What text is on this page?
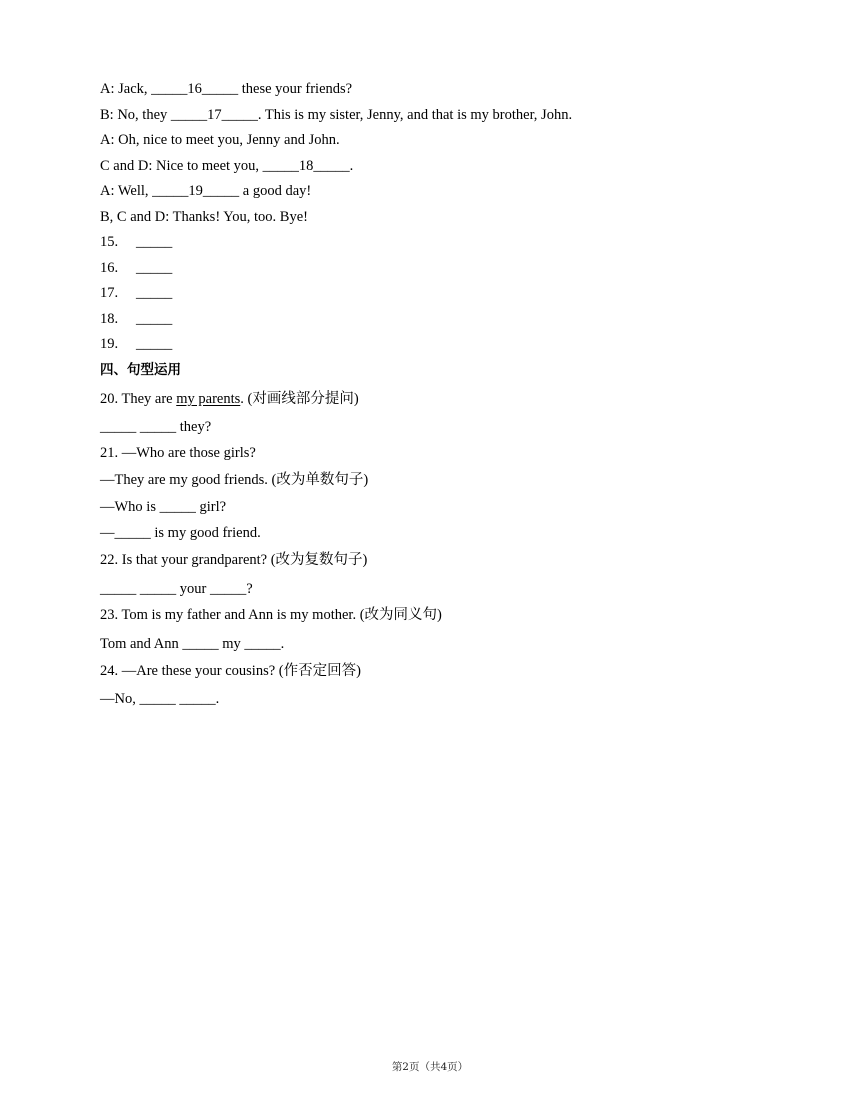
A: Jack, _____16_____ these your friends?
B: No, they _____17_____. This is my sister, Jenny, and that is my brother, John.
A: Oh, nice to meet you, Jenny and John.
C and D: Nice to meet you, _____18_____.
A: Well, _____19_____ a good day!
B, C and D: Thanks! You, too. Bye!
15. _____
16. _____
17. _____
18. _____
19. _____
四、句型运用
20. They are my parents. (对画线部分提问)
_____ _____ they?
21. —Who are those girls?
—They are my good friends. (改为单数句子)
—Who is _____ girl?
—_____ is my good friend.
22. Is that your grandparent? (改为复数句子)
_____ _____ your _____?
23. Tom is my father and Ann is my mother. (改为同义句)
Tom and Ann _____ my _____.
24. —Are these your cousins? (作否定回答)
—No, _____ _____.
第2页（共4页）
